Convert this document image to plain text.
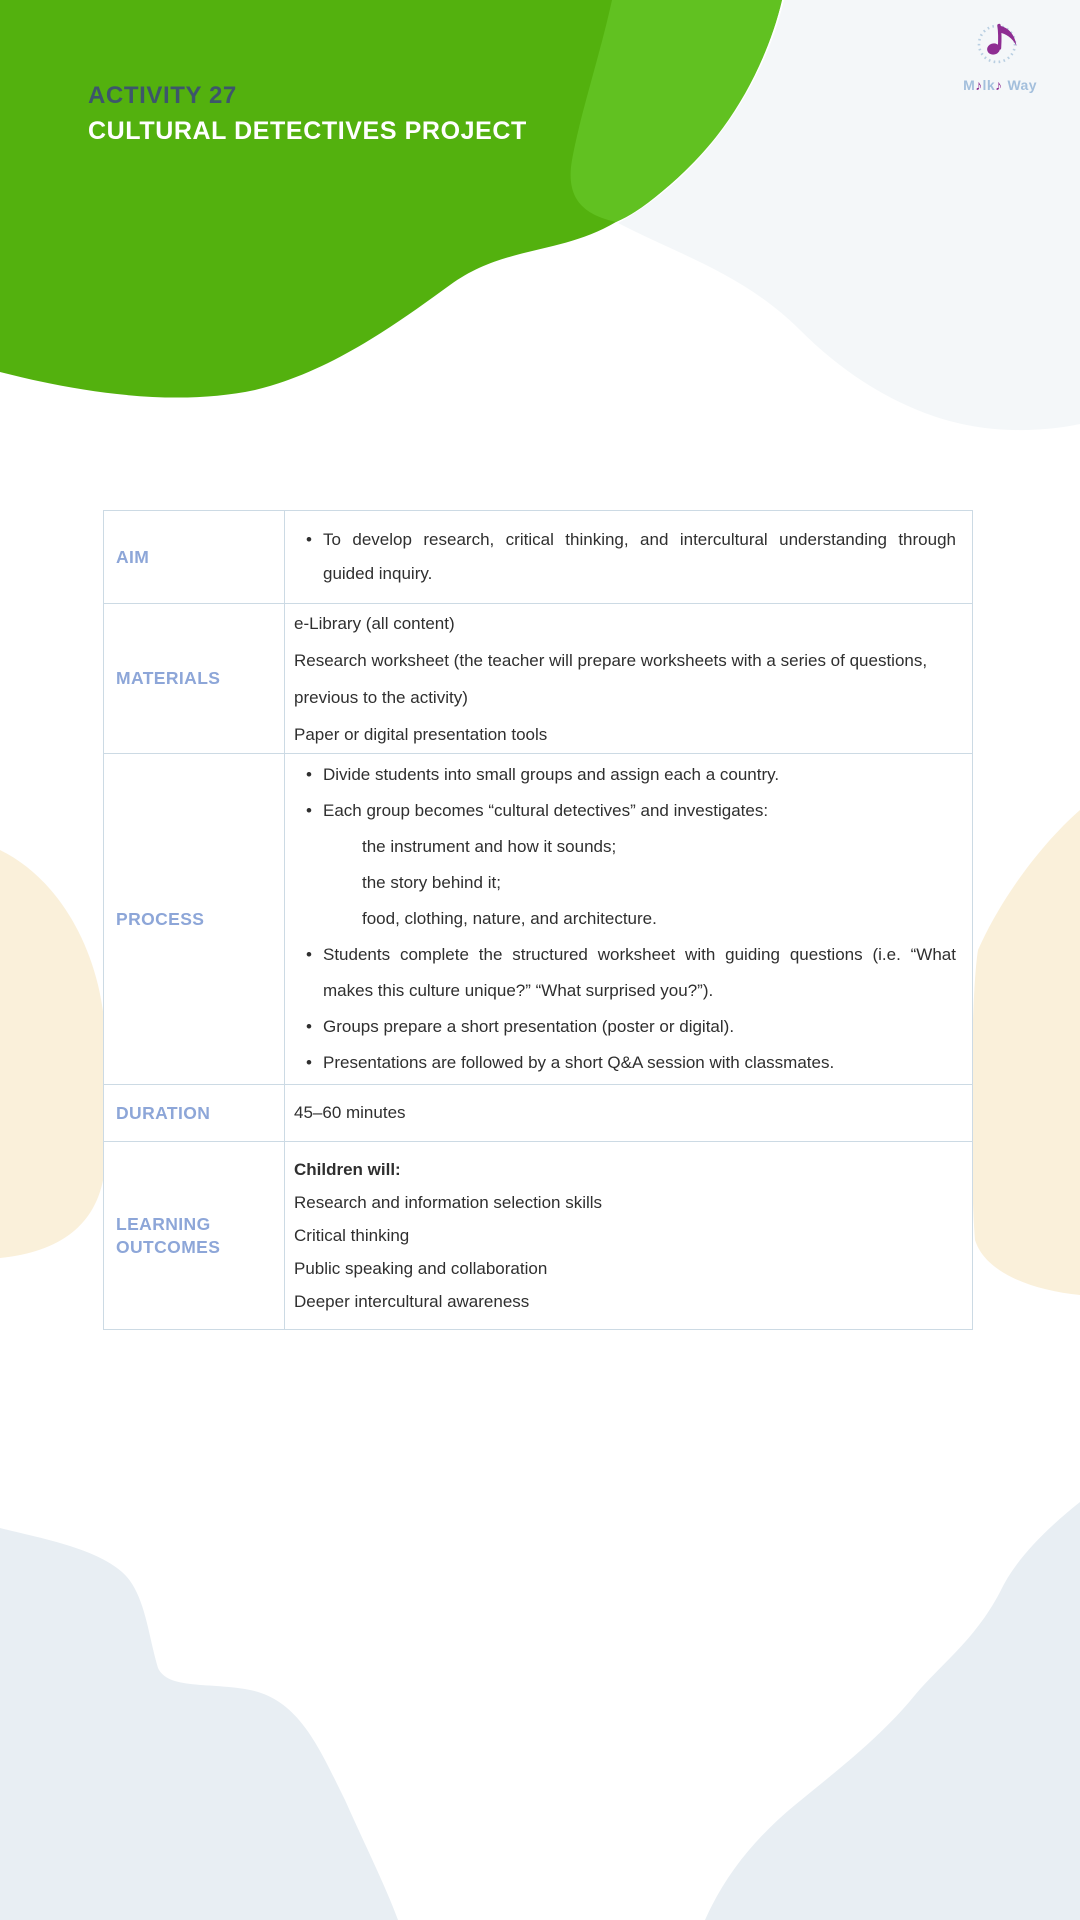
M♪lk♪ Way
ACTIVITY 27
CULTURAL DETECTIVES PROJECT
AIM
• To develop research, critical thinking, and intercultural understanding through guided inquiry.
MATERIALS
e-Library (all content)
Research worksheet (the teacher will prepare worksheets with a series of questions, previous to the activity)
Paper or digital presentation tools
PROCESS
• Divide students into small groups and assign each a country.
• Each group becomes “cultural detectives” and investigates:
the instrument and how it sounds;
the story behind it;
food, clothing, nature, and architecture.
• Students complete the structured worksheet with guiding questions (i.e. “What makes this culture unique?” “What surprised you?”).
• Groups prepare a short presentation (poster or digital).
• Presentations are followed by a short Q&A session with classmates.
DURATION	45–60 minutes
LEARNING OUTCOMES
Children will:
Research and information selection skills
Critical thinking
Public speaking and collaboration
Deeper intercultural awareness
